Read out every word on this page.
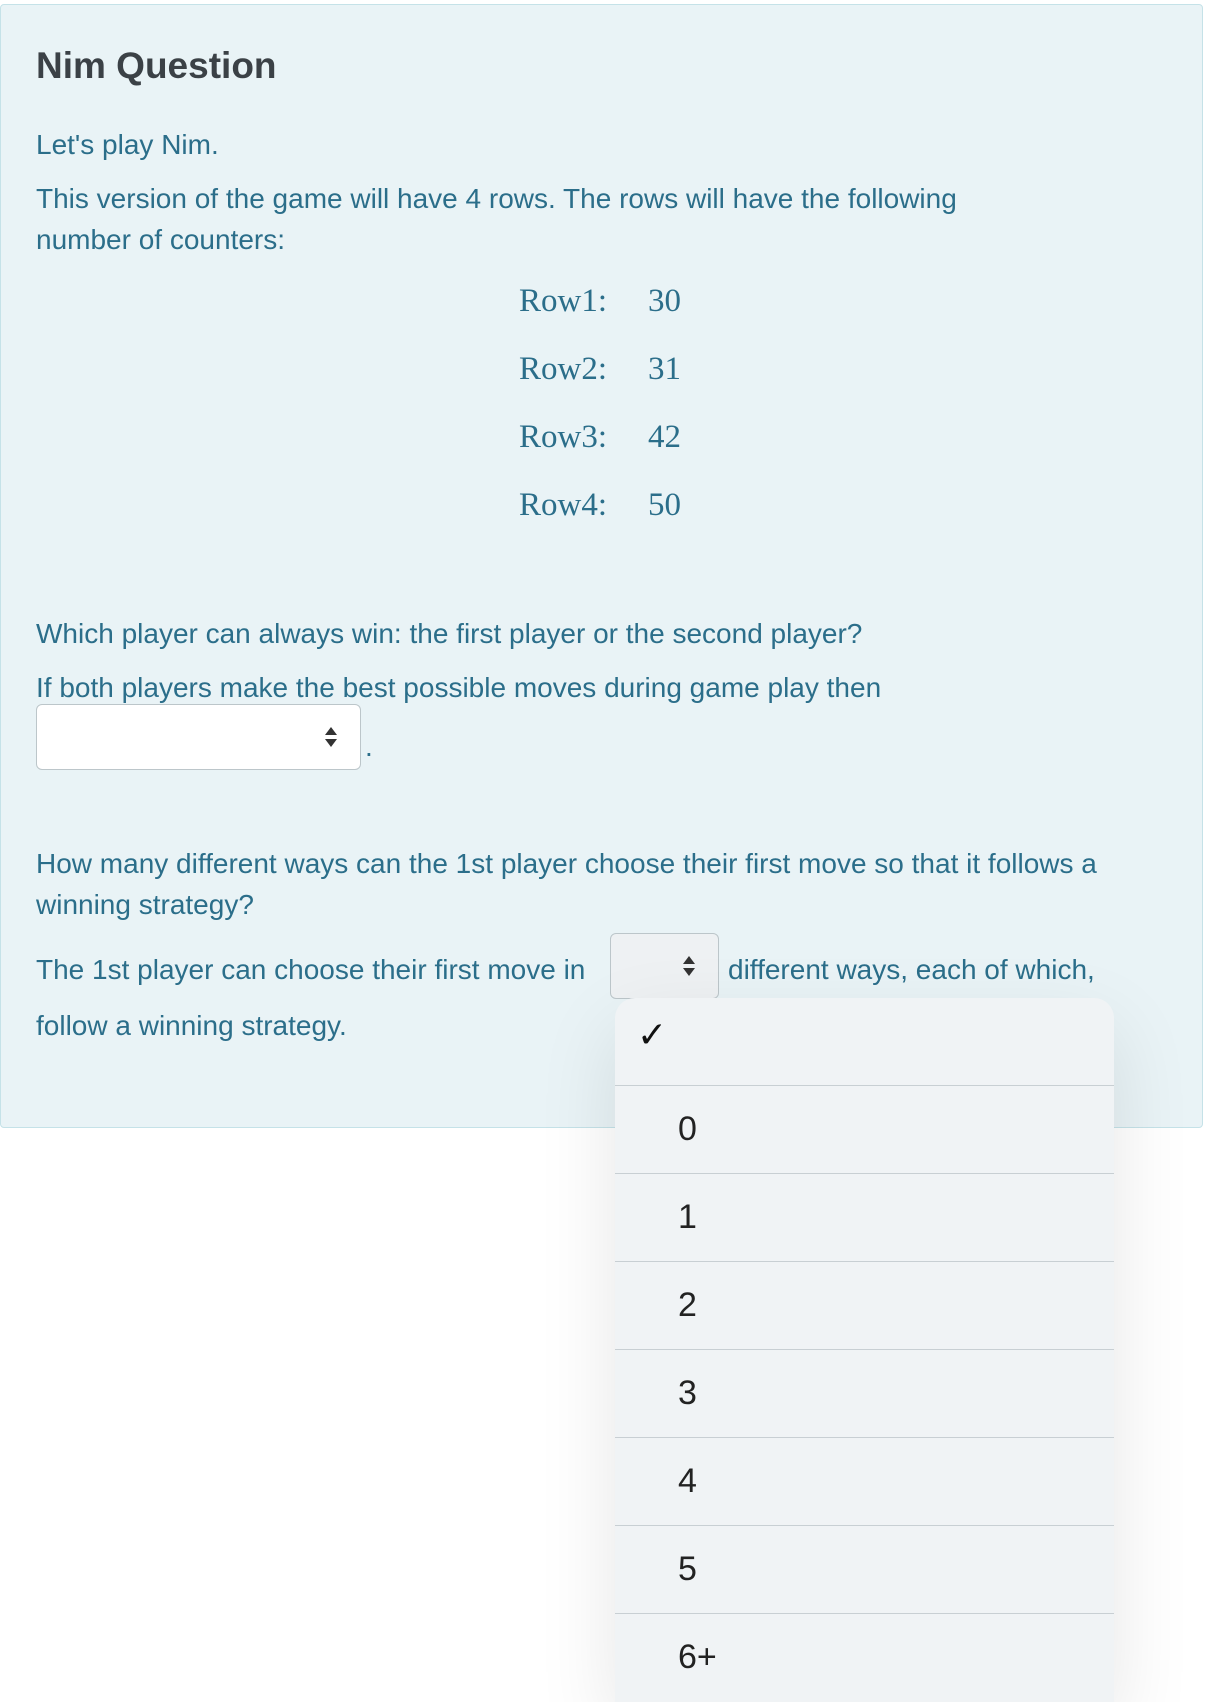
Nim Question

Let's play Nim.

This version of the game will have 4 rows. The rows will have the following number of counters:

Row1: 30
Row2: 31
Row3: 42
Row4: 50

Which player can always win: the first player or the second player?

If both players make the best possible moves during game play then

.

How many different ways can the 1st player choose their first move so that it follows a winning strategy?

The 1st player can choose their first move in	different ways, each of which,

follow a winning strategy.	✓
0
1
2
3
4
5
6+
